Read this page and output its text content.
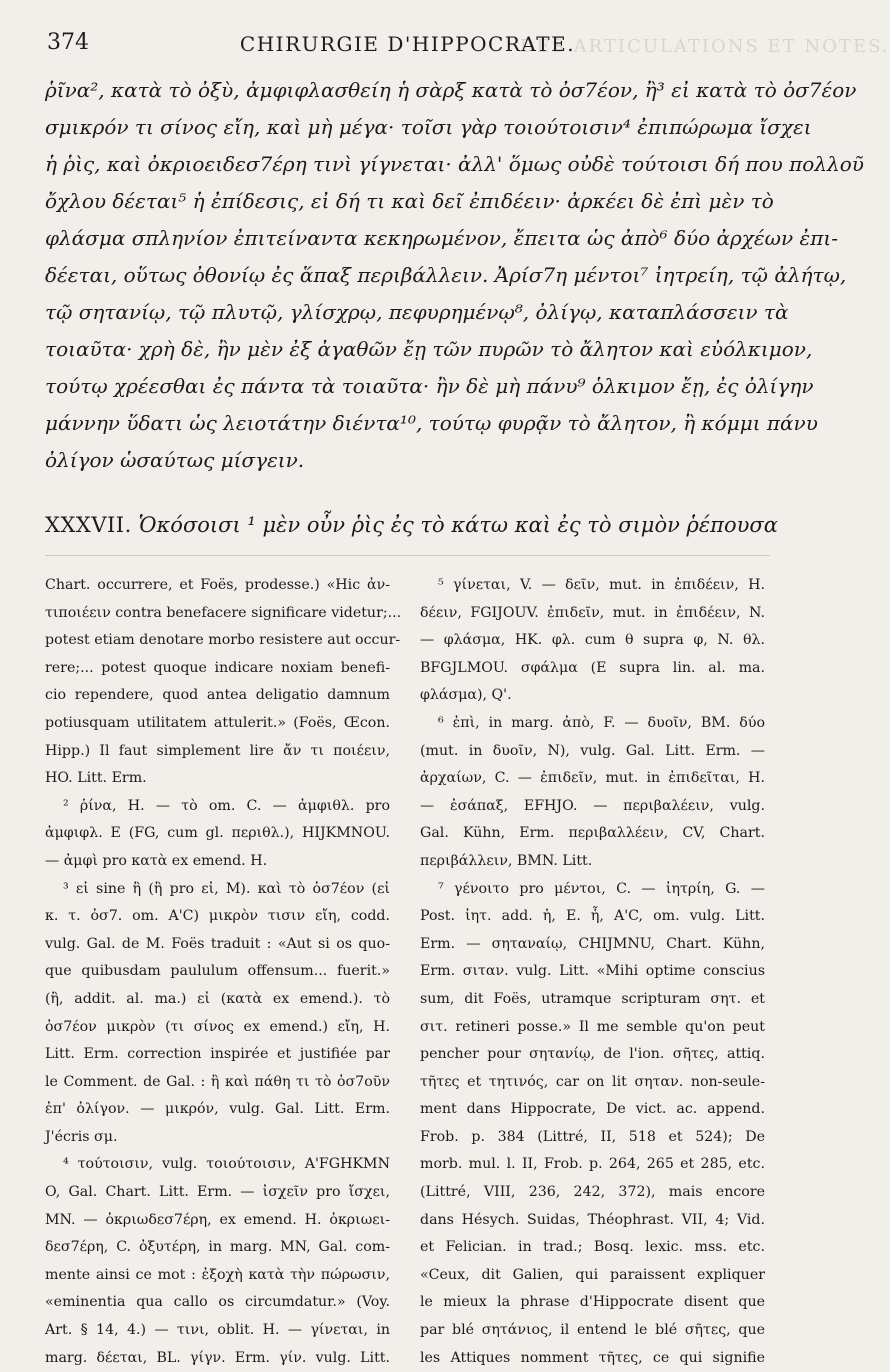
DES ARTICULATIONS ET NOTES.
374	CHIRURGIE D'HIPPOCRATE.
ῥῖνα², κατὰ τὸ ὀξὺ, ἀμφιφλασθείη ἡ σὰρξ κατὰ τὸ ὀσ7έον, ἢ³ εἰ κατὰ τὸ ὀσ7έον
σμικρόν τι σίνος εἴη, καὶ μὴ μέγα· τοῖσι γὰρ τοιούτοισιν⁴ ἐπιπώρωμα ἴσχει
ἡ ῥὶς, καὶ ὀκριοειδεσ7έρη τινὶ γίγνεται· ἀλλ' ὅμως οὐδὲ τούτοισι δή που πολλοῦ
ὄχλου δέεται⁵ ἡ ἐπίδεσις, εἰ δή τι καὶ δεῖ ἐπιδέειν· ἀρκέει δὲ ἐπὶ μὲν τὸ
φλάσμα σπληνίον ἐπιτείναντα κεκηρωμένον, ἔπειτα ὡς ἀπὸ⁶ δύο ἀρχέων ἐπι-
δέεται, οὕτως ὀθονίῳ ἐς ἅπαξ περιβάλλειν. Ἀρίσ7η μέντοι⁷ ἰητρείη, τῷ ἀλήτῳ,
τῷ σητανίῳ, τῷ πλυτῷ, γλίσχρῳ, πεφυρημένῳ⁸, ὀλίγῳ, καταπλάσσειν τὰ
τοιαῦτα· χρὴ δὲ, ἢν μὲν ἐξ ἀγαθῶν ἔῃ τῶν πυρῶν τὸ ἄλητον καὶ εὐόλκιμον,
τούτῳ χρέεσθαι ἐς πάντα τὰ τοιαῦτα· ἢν δὲ μὴ πάνυ⁹ ὁλκιμον ἔῃ, ἐς ὀλίγην
μάννην ὕδατι ὡς λειοτάτην διέντα¹⁰, τούτῳ φυρᾷν τὸ ἄλητον, ἢ κόμμι πάνυ
ὀλίγον ὡσαύτως μίσγειν.
XXXVII. Ὁκόσοισι ¹ μὲν οὖν ῥὶς ἐς τὸ κάτω καὶ ἐς τὸ σιμὸν ῥέπουσα
Chart. occurrere, et Foës, prodesse.) «Hic ἀν-
τιποιέειν contra benefacere significare videtur;...
potest etiam denotare morbo resistere aut occur-
rere;... potest quoque indicare noxiam benefi-
cio rependere, quod antea deligatio damnum
potiusquam utilitatem attulerit.» (Foës, Œcon.
Hipp.) Il faut simplement lire ἄν τι ποιέειν,
HO. Litt. Erm.
² ῥίνα, H. — τὸ om. C. — ἀμφιθλ. pro
ἀμφιφλ. E (FG, cum gl. περιθλ.), HIJKMNOU.
— ἀμφὶ pro κατὰ ex emend. H.
³ εἰ sine ἢ (ἢ pro εἰ, M). καὶ τὸ ὀσ7έον (εἰ
κ. τ. ὀσ7. om. A'C) μικρὸν τισιν εἴη, codd.
vulg. Gal. de M. Foës traduit : «Aut si os quo-
que quibusdam paululum offensum... fuerit.»
(ἢ, addit. al. ma.) εἰ (κατὰ ex emend.). τὸ
ὀσ7έον μικρὸν (τι σίνος ex emend.) εἴη, H.
Litt. Erm. correction inspirée et justifiée par
le Comment. de Gal. : ἢ καὶ πάθη τι τὸ ὀσ7οῦν
ἐπ' ὀλίγον. — μικρόν, vulg. Gal. Litt. Erm.
J'écris σμ.
⁴ τούτοισιν, vulg. τοιούτοισιν, A'FGHKMN
O, Gal. Chart. Litt. Erm. — ἰσχεῖν pro ἴσχει,
MN. — ὀκριωδεσ7έρη, ex emend. H. ὀκριωει-
δεσ7έρη, C. ὀξυτέρη, in marg. MN, Gal. com-
mente ainsi ce mot : ἐξοχὴ κατὰ τὴν πώρωσιν,
«eminentia qua callo os circumdatur.» (Voy.
Art. § 14, 4.) — τινι, oblit. H. — γίνεται, in
marg. δέεται, BL. γίγν. Erm. γίν. vulg. Litt.
⁵ γίνεται, V. — δεῖν, mut. in ἐπιδέειν, H.
δέειν, FGIJOUV. ἐπιδεῖν, mut. in ἐπιδέειν, N.
— φλάσμα, HK. φλ. cum θ supra φ, N. θλ.
BFGJLMOU. σφάλμα (E supra lin. al. ma.
φλάσμα), Q'.
⁶ ἐπὶ, in marg. ἀπὸ, F. — δυοῖν, BM. δύο
(mut. in δυοῖν, N), vulg. Gal. Litt. Erm. —
ἀρχαίων, C. — ἐπιδεῖν, mut. in ἐπιδεῖται, H.
— ἐσάπαξ, EFHJO. — περιβαλέειν, vulg.
Gal. Kühn, Erm. περιβαλλέειν, CV, Chart.
περιβάλλειν, BMN. Litt.
⁷ γένοιτο pro μέντοι, C. — ἰητρίη, G. —
Post. ἰητ. add. ἡ, E. ἧ, A'C, om. vulg. Litt.
Erm. — σηταναίῳ, CHIJMNU, Chart. Kühn,
Erm. σιταν. vulg. Litt. «Mihi optime conscius
sum, dit Foës, utramque scripturam σητ. et
σιτ. retineri posse.» Il me semble qu'on peut
pencher pour σητανίῳ, de l'ion. σῆτες, attiq.
τῆτες et τητινός, car on lit σηταν. non-seule-
ment dans Hippocrate, De vict. ac. append.
Frob. p. 384 (Littré, II, 518 et 524); De
morb. mul. l. II, Frob. p. 264, 265 et 285, etc.
(Littré, VIII, 236, 242, 372), mais encore
dans Hésych. Suidas, Théophrast. VII, 4; Vid.
et Felician. in trad.; Bosq. lexic. mss. etc.
«Ceux, dit Galien, qui paraissent expliquer
le mieux la phrase d'Hippocrate disent que
par blé σητάνιος, il entend le blé σῆτες, que
les Attiques nomment τῆτες, ce qui signifie
